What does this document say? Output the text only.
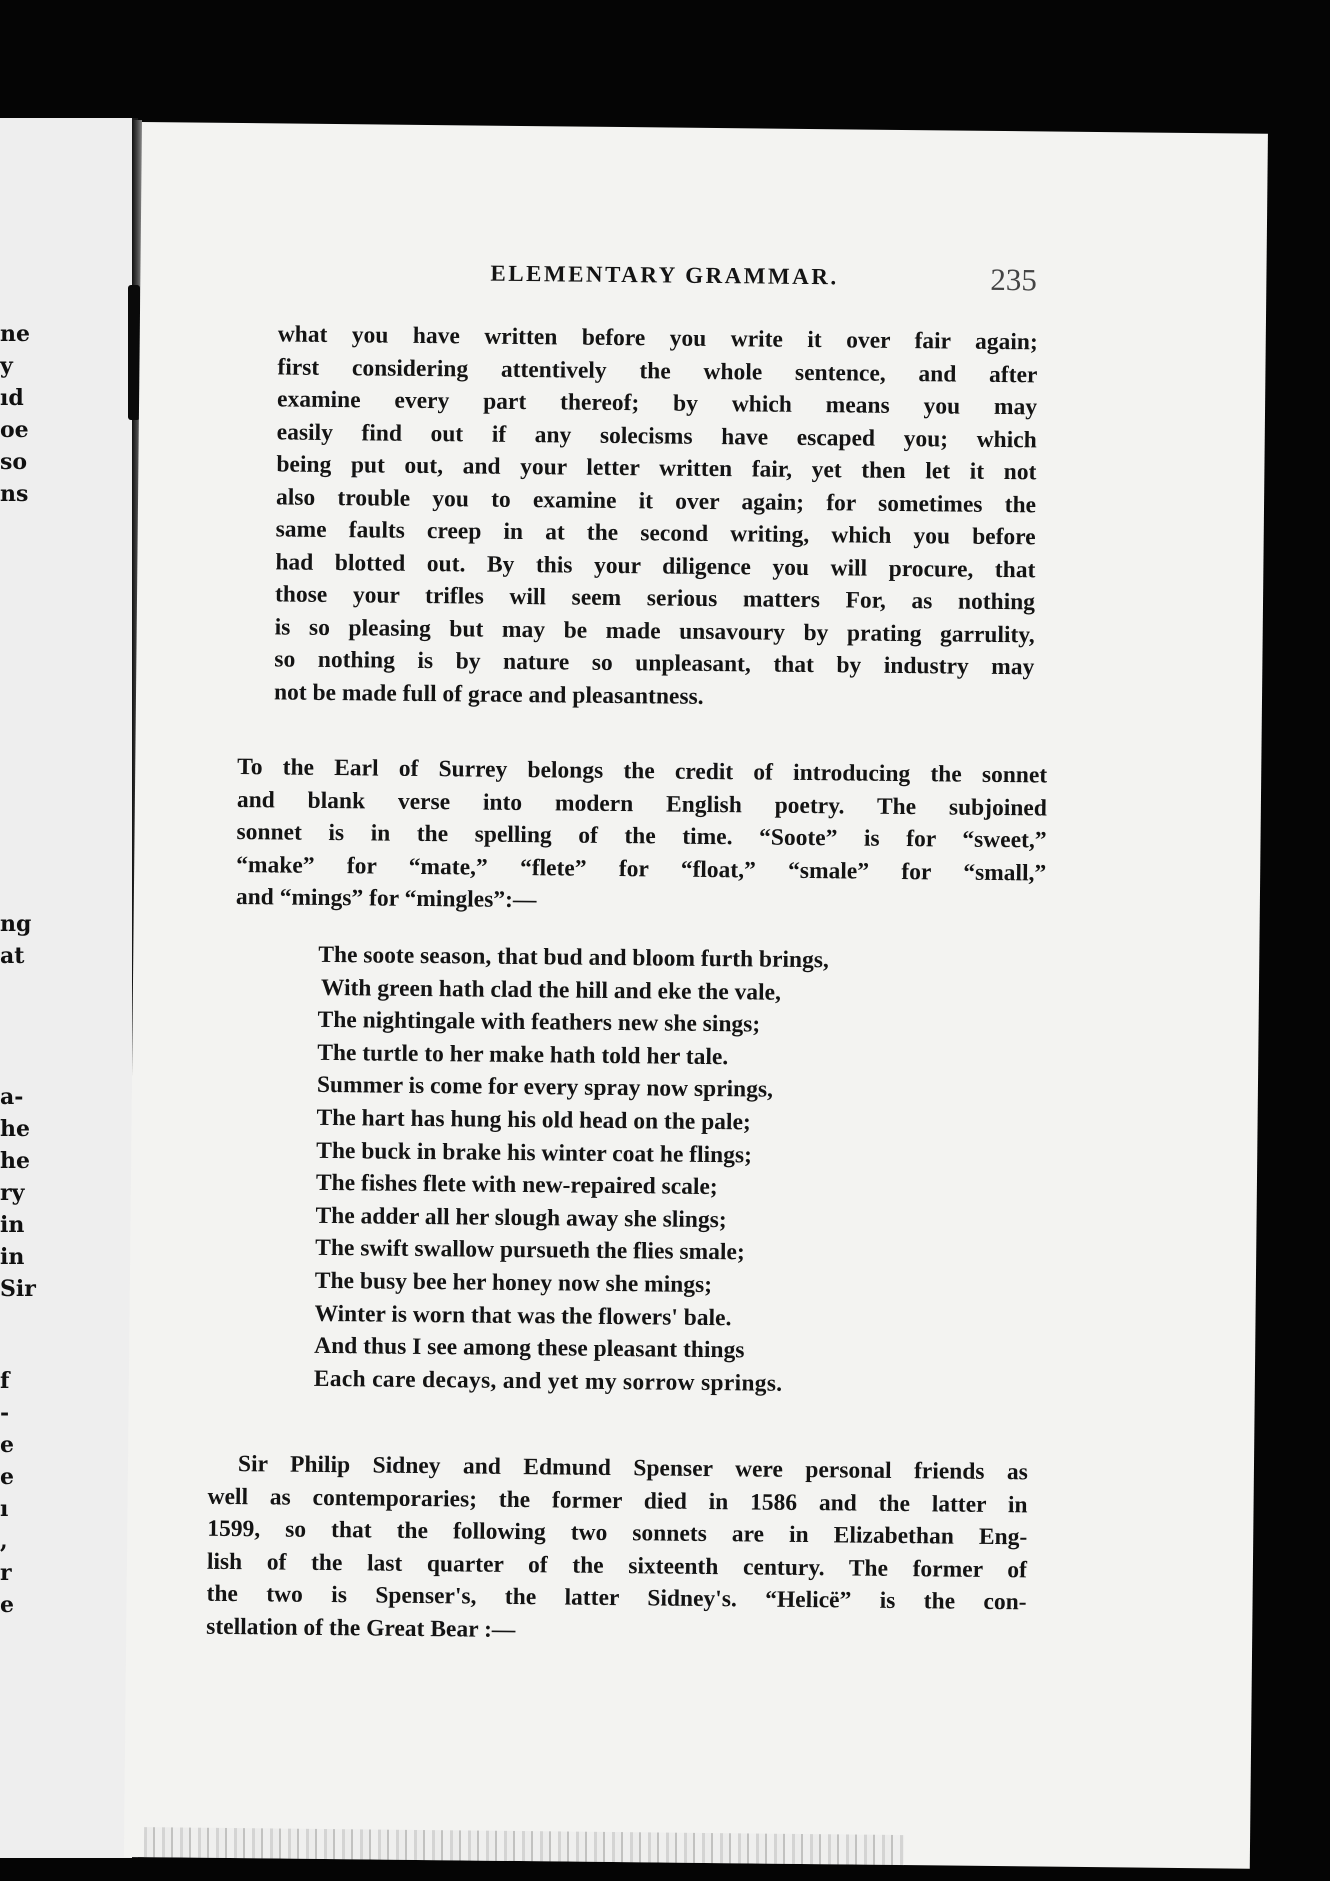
ne
y
ıd
oe
so
ns
ng
at
a-
he
he
ry
in
in
Sir
f
-
e
e
ı
,
r
e
ELEMENTARY GRAMMAR.	235
what you have written before you write it over fair again;
first considering attentively the whole sentence, and after
examine every part thereof; by which means you may
easily find out if any solecisms have escaped you; which
being put out, and your letter written fair, yet then let it not
also trouble you to examine it over again; for sometimes the
same faults creep in at the second writing, which you before
had blotted out. By this your diligence you will procure, that
those your trifles will seem serious matters For, as nothing
is so pleasing but may be made unsavoury by prating garrulity,
so nothing is by nature so unpleasant, that by industry may
not be made full of grace and pleasantness.
To the Earl of Surrey belongs the credit of introducing the sonnet
and blank verse into modern English poetry. The subjoined
sonnet is in the spelling of the time. “Soote” is for “sweet,”
“make” for “mate,” “flete” for “float,” “smale” for “small,”
and “mings” for “mingles”:—
The soote season, that bud and bloom furth brings,
With green hath clad the hill and eke the vale,
The nightingale with feathers new she sings;
The turtle to her make hath told her tale.
Summer is come for every spray now springs,
The hart has hung his old head on the pale;
The buck in brake his winter coat he flings;
The fishes flete with new-repaired scale;
The adder all her slough away she slings;
The swift swallow pursueth the flies smale;
The busy bee her honey now she mings;
Winter is worn that was the flowers' bale.
And thus I see among these pleasant things
Each care decays, and yet my sorrow springs.
Sir Philip Sidney and Edmund Spenser were personal friends as
well as contemporaries; the former died in 1586 and the latter in
1599, so that the following two sonnets are in Elizabethan Eng-
lish of the last quarter of the sixteenth century. The former of
the two is Spenser's, the latter Sidney's. “Helicë” is the con-
stellation of the Great Bear :—
